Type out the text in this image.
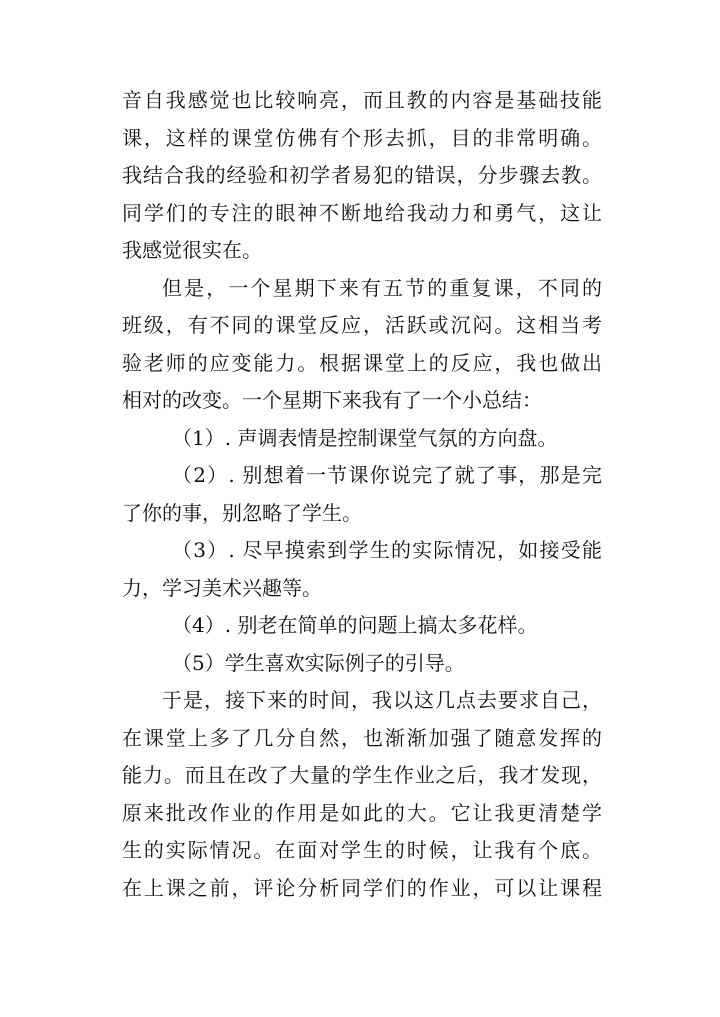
音自我感觉也比较响亮，而且教的内容是基础技能
课，这样的课堂仿佛有个形去抓，目的非常明确。
我结合我的经验和初学者易犯的错误，分步骤去教。
同学们的专注的眼神不断地给我动力和勇气，这让
我感觉很实在。
但是，一个星期下来有五节的重复课，不同的
班级，有不同的课堂反应，活跃或沉闷。这相当考
验老师的应变能力。根据课堂上的反应，我也做出
相对的改变。一个星期下来我有了一个小总结：
（1）. 声调表情是控制课堂气氛的方向盘。
（2）. 别想着一节课你说完了就了事，那是完
了你的事，别忽略了学生。
（3）. 尽早摸索到学生的实际情况，如接受能
力，学习美术兴趣等。
（4）. 别老在简单的问题上搞太多花样。
（5）学生喜欢实际例子的引导。
于是，接下来的时间，我以这几点去要求自己，
在课堂上多了几分自然，也渐渐加强了随意发挥的
能力。而且在改了大量的学生作业之后，我才发现，
原来批改作业的作用是如此的大。它让我更清楚学
生的实际情况。在面对学生的时候，让我有个底。
在上课之前，评论分析同学们的作业，可以让课程
